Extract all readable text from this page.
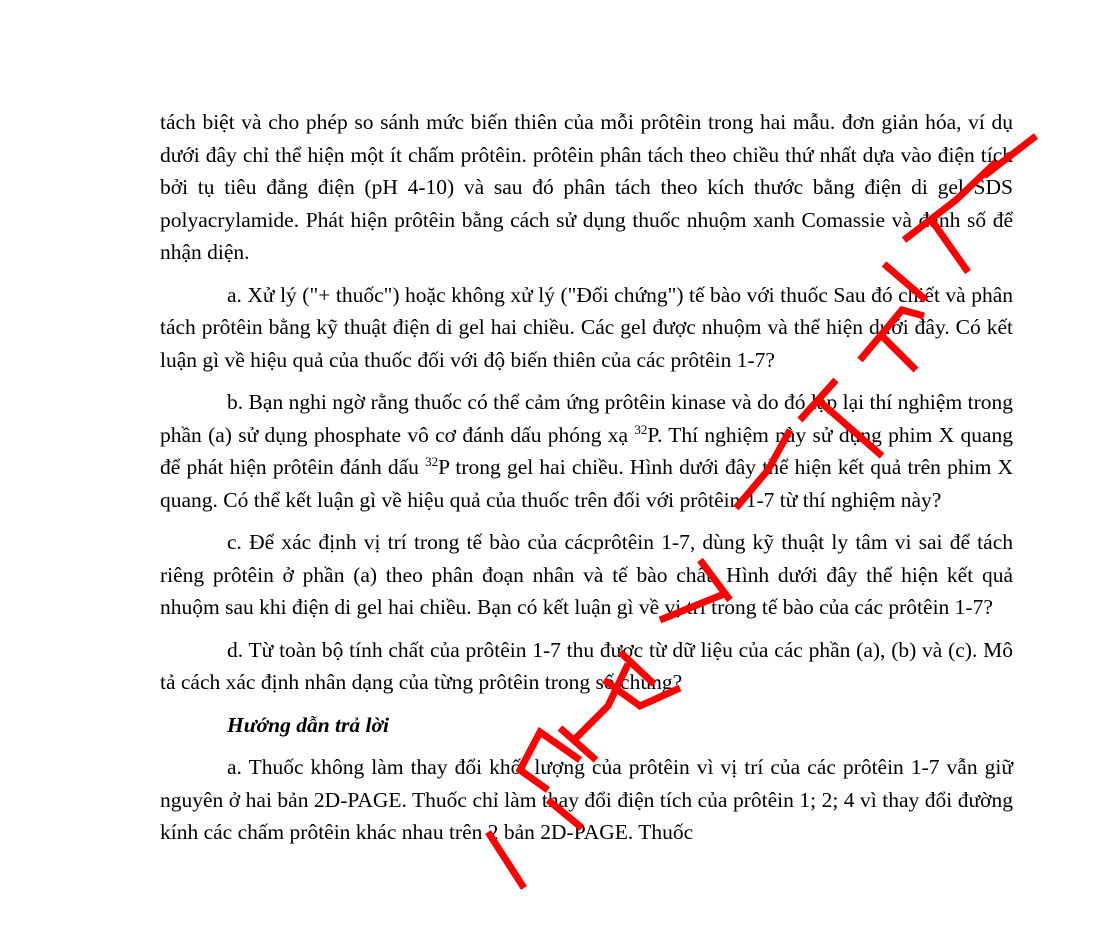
tách biệt và cho phép so sánh mức biến thiên của mỗi prôtêin trong hai mẫu. đơn giản hóa, ví dụ dưới đây chỉ thể hiện một ít chấm prôtêin. prôtêin phân tách theo chiều thứ nhất dựa vào điện tích bởi tụ tiêu đẳng điện (pH 4-10) và sau đó phân tách theo kích thước bằng điện di gel SDS polyacrylamide. Phát hiện prôtêin bằng cách sử dụng thuốc nhuộm xanh Comassie và đánh số để nhận diện.

a. Xử lý ("+ thuốc") hoặc không xử lý ("Đối chứng") tế bào với thuốc Sau đó chiết và phân tách prôtêin bằng kỹ thuật điện di gel hai chiều. Các gel được nhuộm và thể hiện dưới đây. Có kết luận gì về hiệu quả của thuốc đối với độ biến thiên của các prôtêin 1-7?

b. Bạn nghi ngờ rằng thuốc có thể cảm ứng prôtêin kinase và do đó lặp lại thí nghiệm trong phần (a) sử dụng phosphate vô cơ đánh dấu phóng xạ $^{32}$P. Thí nghiệm này sử dụng phim X quang để phát hiện prôtêin đánh dấu $^{32}$P trong gel hai chiều. Hình dưới đây thể hiện kết quả trên phim X quang. Có thể kết luận gì về hiệu quả của thuốc trên đối với prôtêin 1-7 từ thí nghiệm này?

c. Để xác định vị trí trong tế bào của cácprôtêin 1-7, dùng kỹ thuật ly tâm vi sai để tách riêng prôtêin ở phần (a) theo phân đoạn nhân và tế bào chất. Hình dưới đây thể hiện kết quả nhuộm sau khi điện di gel hai chiều. Bạn có kết luận gì về vị trí trong tế bào của các prôtêin 1-7?

d. Từ toàn bộ tính chất của prôtêin 1-7 thu được từ dữ liệu của các phần (a), (b) và (c). Mô tả cách xác định nhân dạng của từng prôtêin trong số chúng?

Hướng dẫn trả lời

a. Thuốc không làm thay đổi khối lượng của prôtêin vì vị trí của các prôtêin 1-7 vẫn giữ nguyên ở hai bản 2D-PAGE. Thuốc chỉ làm thay đổi điện tích của prôtêin 1; 2; 4 vì thay đổi đường kính các chấm prôtêin khác nhau trên 2 bản 2D-PAGE. Thuốc
